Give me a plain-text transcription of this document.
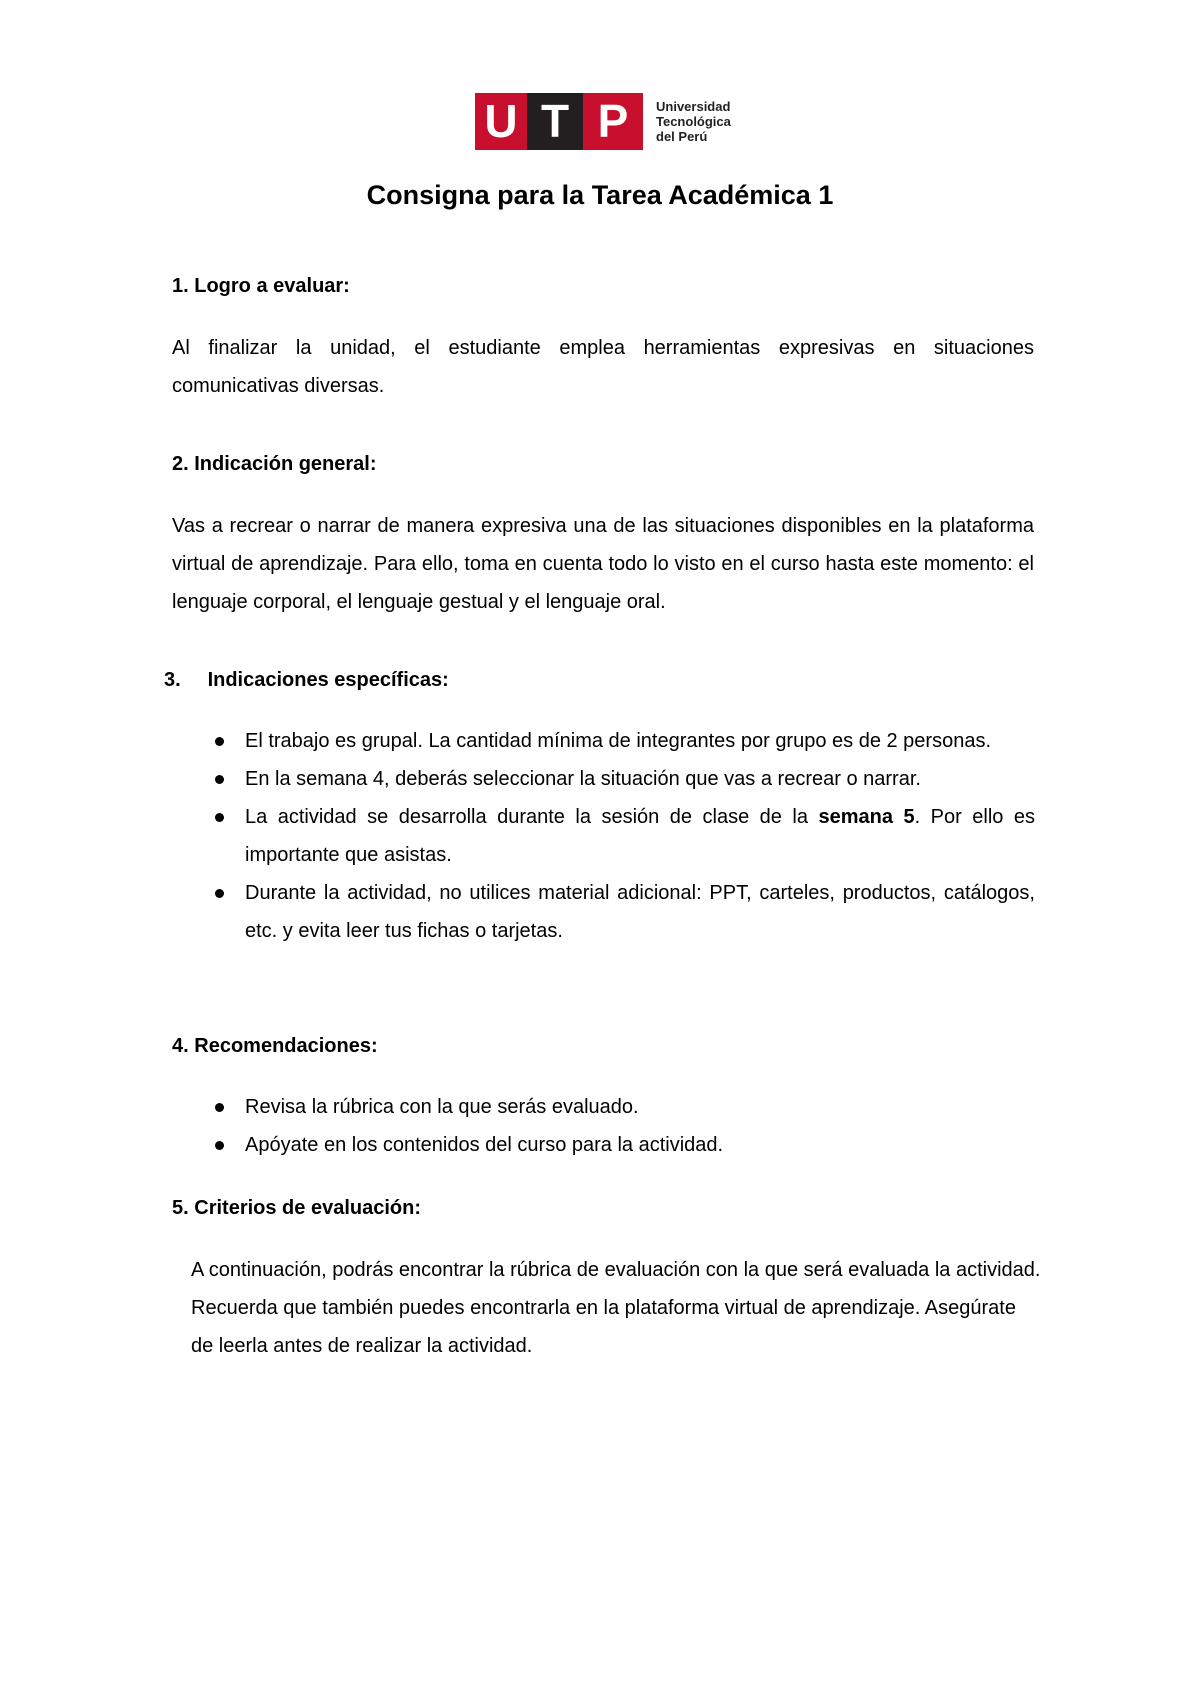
U T P	Universidad
Tecnológica
del Perú
Consigna para la Tarea Académica 1
1. Logro a evaluar:

Al finalizar la unidad, el estudiante emplea herramientas expresivas en situaciones comunicativas diversas.

2. Indicación general:

Vas a recrear o narrar de manera expresiva una de las situaciones disponibles en la plataforma virtual de aprendizaje. Para ello, toma en cuenta todo lo visto en el curso hasta este momento: el lenguaje corporal, el lenguaje gestual y el lenguaje oral.

3. Indicaciones específicas:
El trabajo es grupal. La cantidad mínima de integrantes por grupo es de 2 personas.
En la semana 4, deberás seleccionar la situación que vas a recrear o narrar.
La actividad se desarrolla durante la sesión de clase de la semana 5. Por ello es importante que asistas.
Durante la actividad, no utilices material adicional: PPT, carteles, productos, catálogos, etc. y evita leer tus fichas o tarjetas.
4. Recomendaciones:
Revisa la rúbrica con la que serás evaluado.
Apóyate en los contenidos del curso para la actividad.
5. Criterios de evaluación:

A continuación, podrás encontrar la rúbrica de evaluación con la que será evaluada la actividad. Recuerda que también puedes encontrarla en la plataforma virtual de aprendizaje. Asegúrate de leerla antes de realizar la actividad.
